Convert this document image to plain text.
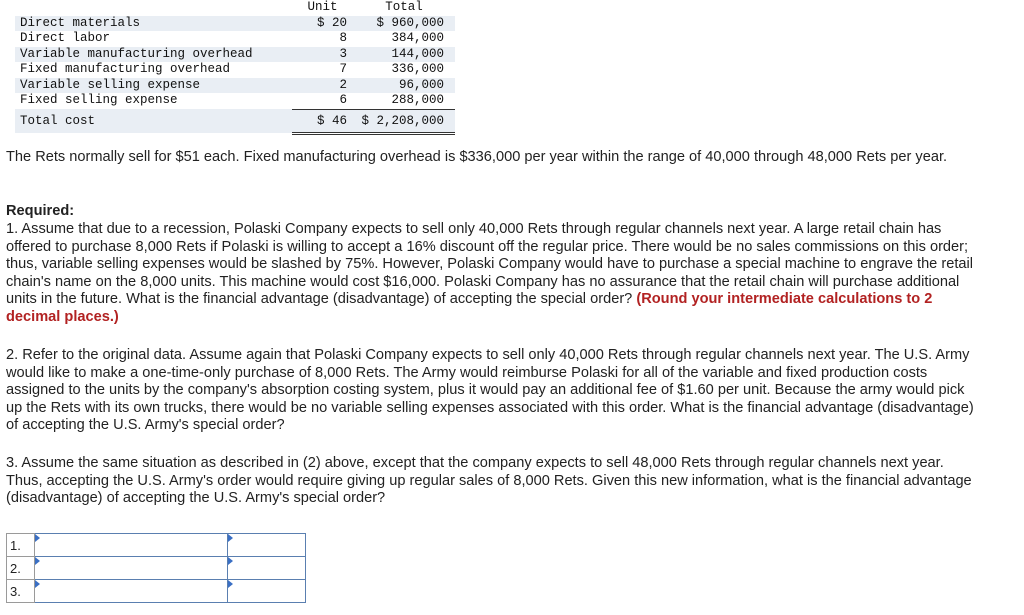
	Unit	Total
Direct materials	$ 20	$ 960,000
Direct labor	8	384,000
Variable manufacturing overhead	3	144,000
Fixed manufacturing overhead	7	336,000
Variable selling expense	2	96,000
Fixed selling expense	6	288,000
Total cost	$ 46	$ 2,208,000

The Rets normally sell for $51 each. Fixed manufacturing overhead is $336,000 per year within the range of 40,000 through 48,000 Rets per year.

Required:

1. Assume that due to a recession, Polaski Company expects to sell only 40,000 Rets through regular channels next year. A large retail chain has offered to purchase 8,000 Rets if Polaski is willing to accept a 16% discount off the regular price. There would be no sales commissions on this order; thus, variable selling expenses would be slashed by 75%. However, Polaski Company would have to purchase a special machine to engrave the retail chain's name on the 8,000 units. This machine would cost $16,000. Polaski Company has no assurance that the retail chain will purchase additional units in the future. What is the financial advantage (disadvantage) of accepting the special order? (Round your intermediate calculations to 2 decimal places.)

2. Refer to the original data. Assume again that Polaski Company expects to sell only 40,000 Rets through regular channels next year. The U.S. Army would like to make a one-time-only purchase of 8,000 Rets. The Army would reimburse Polaski for all of the variable and fixed production costs assigned to the units by the company's absorption costing system, plus it would pay an additional fee of $1.60 per unit. Because the army would pick up the Rets with its own trucks, there would be no variable selling expenses associated with this order. What is the financial advantage (disadvantage) of accepting the U.S. Army's special order?

3. Assume the same situation as described in (2) above, except that the company expects to sell 48,000 Rets through regular channels next year. Thus, accepting the U.S. Army's order would require giving up regular sales of 8,000 Rets. Given this new information, what is the financial advantage (disadvantage) of accepting the U.S. Army's special order?

1.	

2.	

3.	
